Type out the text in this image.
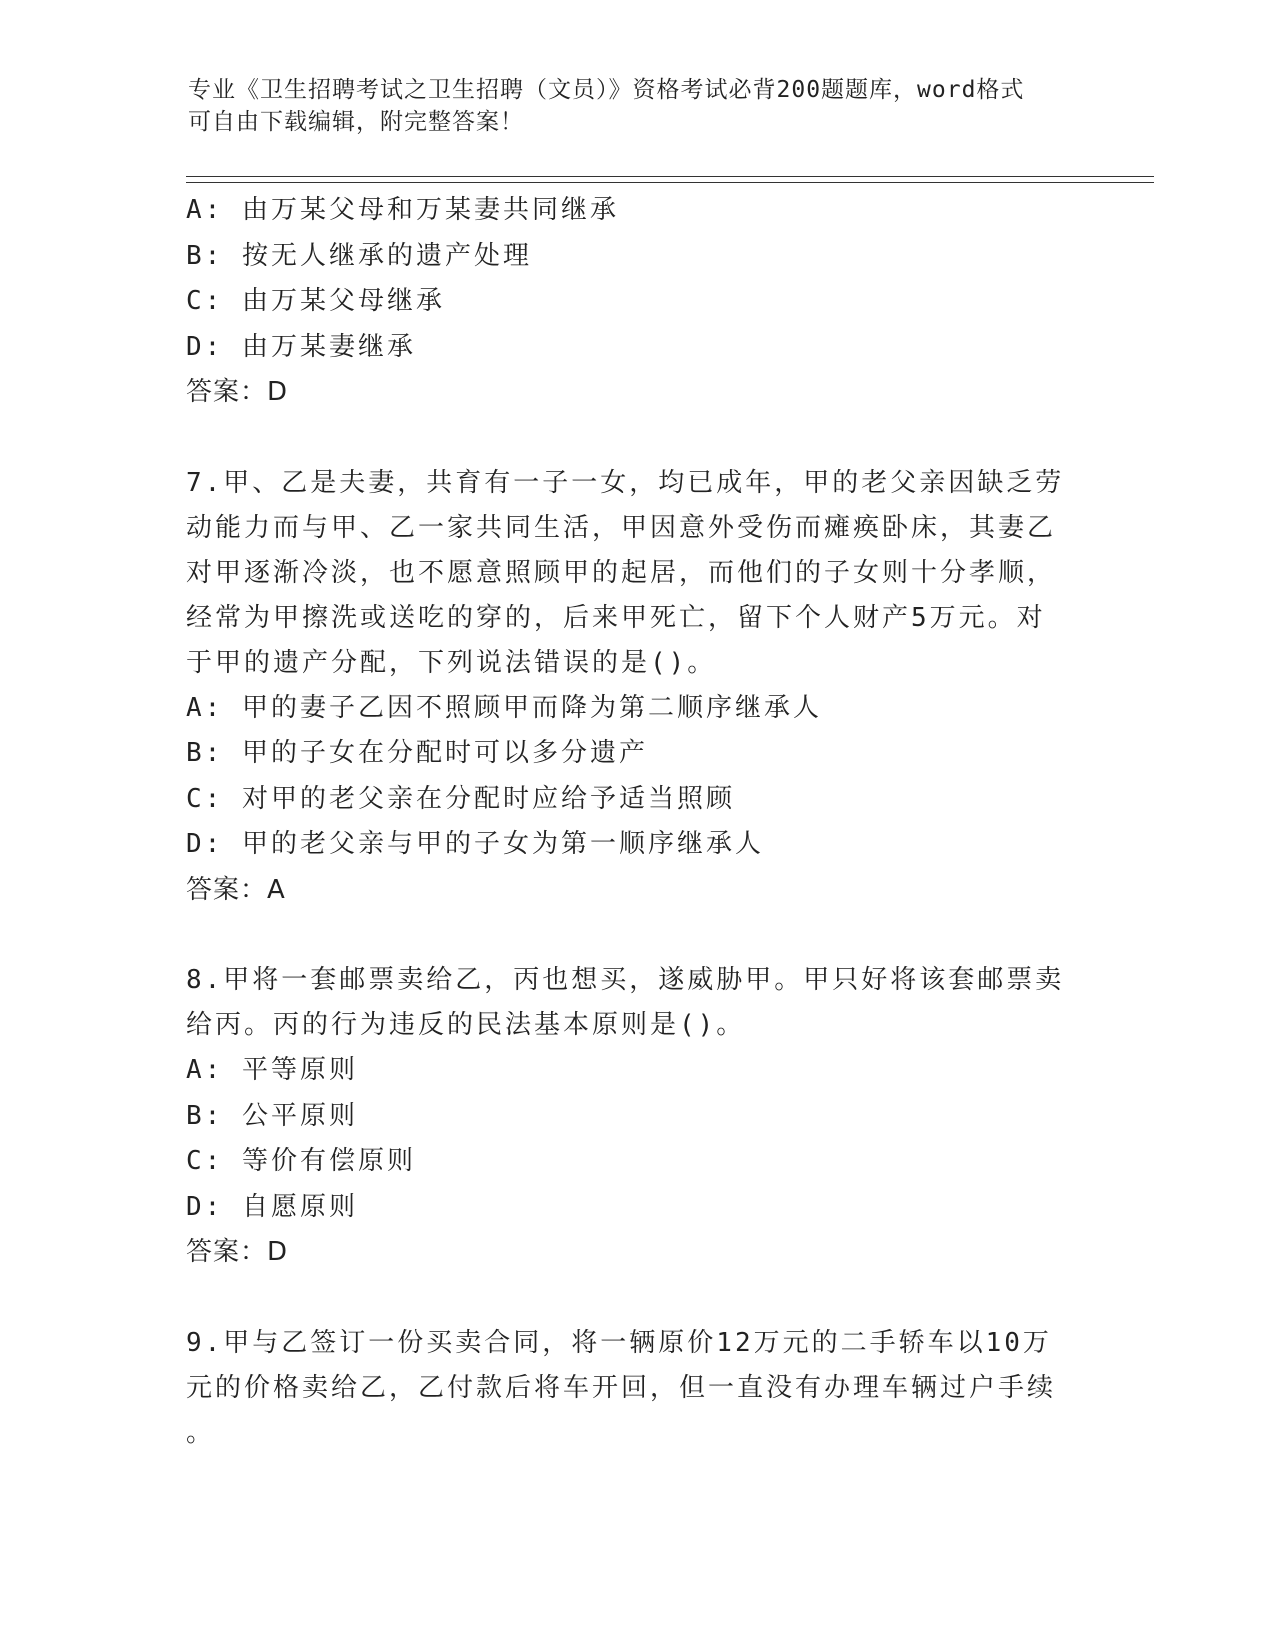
专业《卫生招聘考试之卫生招聘（文员）》资格考试必背200题题库，word格式
可自由下载编辑，附完整答案！
A: 由万某父母和万某妻共同继承
B: 按无人继承的遗产处理
C: 由万某父母继承
D: 由万某妻继承
答案：D
7.甲、乙是夫妻，共育有一子一女，均已成年，甲的老父亲因缺乏劳
动能力而与甲、乙一家共同生活，甲因意外受伤而瘫痪卧床，其妻乙
对甲逐渐冷淡，也不愿意照顾甲的起居，而他们的子女则十分孝顺，
经常为甲擦洗或送吃的穿的，后来甲死亡，留下个人财产5万元。对
于甲的遗产分配，下列说法错误的是()。
A: 甲的妻子乙因不照顾甲而降为第二顺序继承人
B: 甲的子女在分配时可以多分遗产
C: 对甲的老父亲在分配时应给予适当照顾
D: 甲的老父亲与甲的子女为第一顺序继承人
答案：A
8.甲将一套邮票卖给乙，丙也想买，遂威胁甲。甲只好将该套邮票卖
给丙。丙的行为违反的民法基本原则是()。
A: 平等原则
B: 公平原则
C: 等价有偿原则
D: 自愿原则
答案：D
9.甲与乙签订一份买卖合同，将一辆原价12万元的二手轿车以10万
元的价格卖给乙，乙付款后将车开回，但一直没有办理车辆过户手续
。
